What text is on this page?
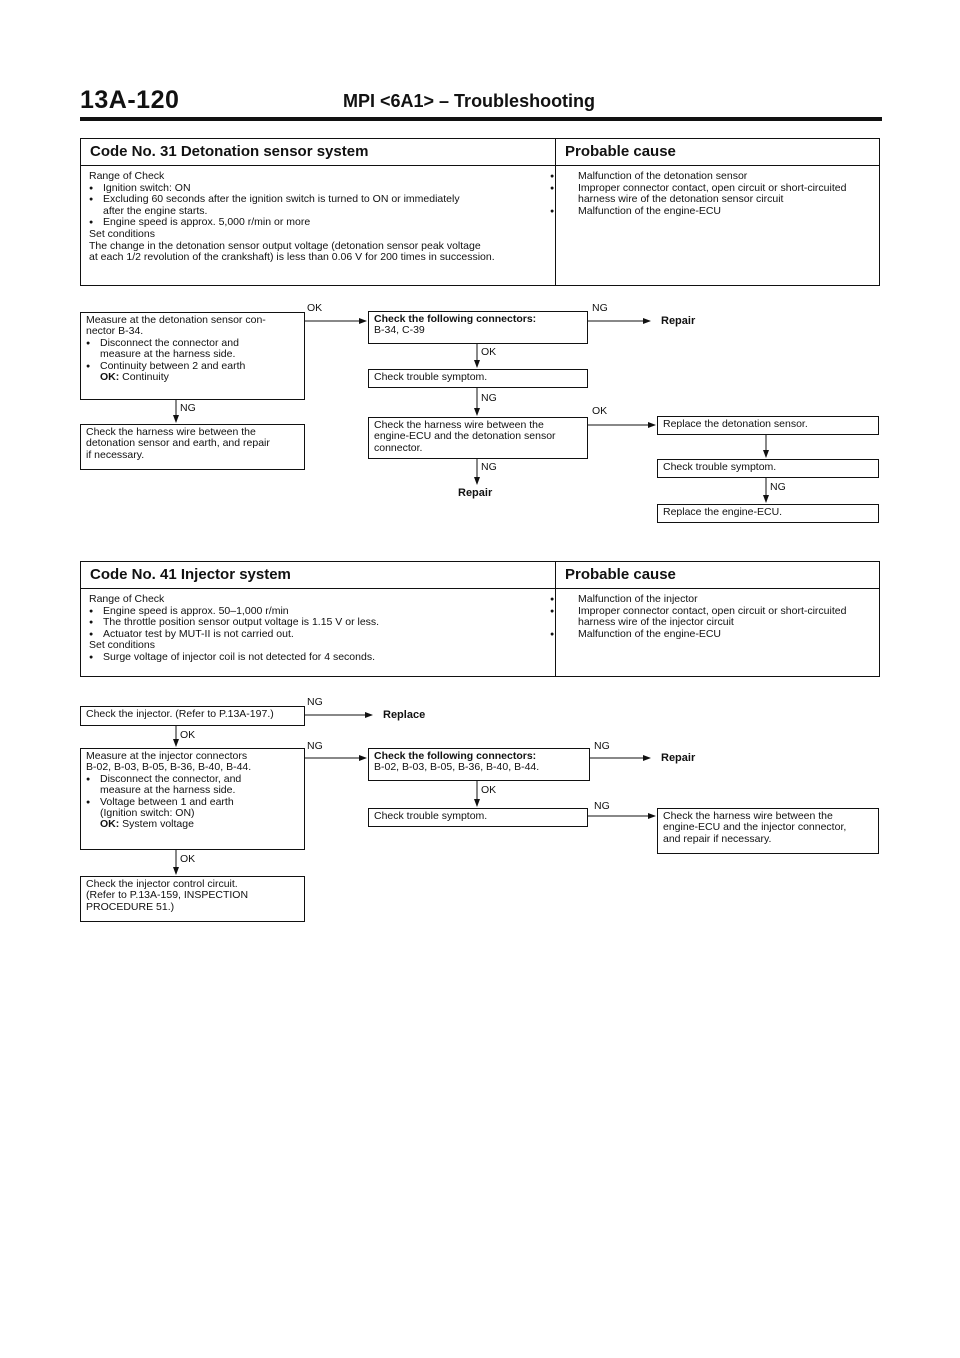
13A-120	MPI <6A1> – Troubleshooting
Code No. 31 Detonation sensor system	Probable cause
Range of Check
● Ignition switch: ON
● Excluding 60 seconds after the ignition switch is turned to ON or immediately
after the engine starts.
● Engine speed is approx. 5,000 r/min or more
Set conditions
The change in the detonation sensor output voltage (detonation sensor peak voltage
at each 1/2 revolution of the crankshaft) is less than 0.06 V for 200 times in succession.
● Malfunction of the detonation sensor
● Improper connector contact, open circuit or short-circuited harness wire of the detonation sensor circuit
● Malfunction of the engine-ECU
Measure at the detonation sensor con-
nector B-34.
● Disconnect the connector and
measure at the harness side.
● Continuity between 2 and earth
OK: Continuity
OK
NG
Check the harness wire between the
detonation sensor and earth, and repair
if necessary.
Check the following connectors:
B-34, C-39
NG
Repair
OK
Check trouble symptom.
NG
Check the harness wire between the
engine-ECU and the detonation sensor
connector.
OK
NG
Repair
Replace the detonation sensor.
Check trouble symptom.
NG
Replace the engine-ECU.
Code No. 41 Injector system	Probable cause
Range of Check
● Engine speed is approx. 50–1,000 r/min
● The throttle position sensor output voltage is 1.15 V or less.
● Actuator test by MUT-II is not carried out.
Set conditions
● Surge voltage of injector coil is not detected for 4 seconds.
● Malfunction of the injector
● Improper connector contact, open circuit or short-circuited harness wire of the injector circuit
● Malfunction of the engine-ECU
Check the injector. (Refer to P.13A-197.)
NG
Replace
OK
Measure at the injector connectors
B-02, B-03, B-05, B-36, B-40, B-44.
● Disconnect the connector, and
measure at the harness side.
● Voltage between 1 and earth
(Ignition switch: ON)
OK: System voltage
NG
Check the following connectors:
B-02, B-03, B-05, B-36, B-40, B-44.
NG
Repair
OK
Check trouble symptom.
NG
Check the harness wire between the
engine-ECU and the injector connector,
and repair if necessary.
OK
Check the injector control circuit.
(Refer to P.13A-159, INSPECTION
PROCEDURE 51.)
